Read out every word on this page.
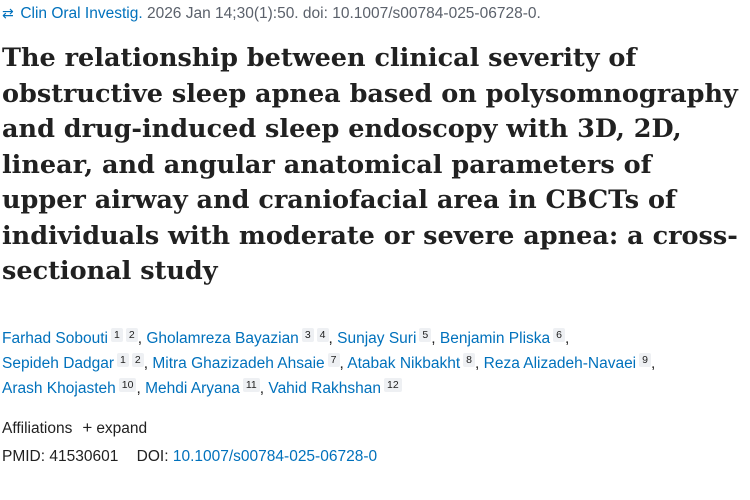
⇄ Clin Oral Investig. 2026 Jan 14;30(1):50. doi: 10.1007/s00784-025-06728-0.
The relationship between clinical severity of obstructive sleep apnea based on polysomnography and drug-induced sleep endoscopy with 3D, 2D, linear, and angular anatomical parameters of upper airway and craniofacial area in CBCTs of individuals with moderate or severe apnea: a cross-sectional study
Farhad Sobouti 1 2 , Gholamreza Bayazian 3 4 , Sunjay Suri 5 , Benjamin Pliska 6 ,
Sepideh Dadgar 1 2 , Mitra Ghazizadeh Ahsaie 7 , Atabak Nikbakht 8 , Reza Alizadeh-Navaei 9 ,
Arash Khojasteh 10 , Mehdi Aryana 11 , Vahid Rakhshan 12
Affiliations + expand
PMID: 41530601 DOI: 10.1007/s00784-025-06728-0
